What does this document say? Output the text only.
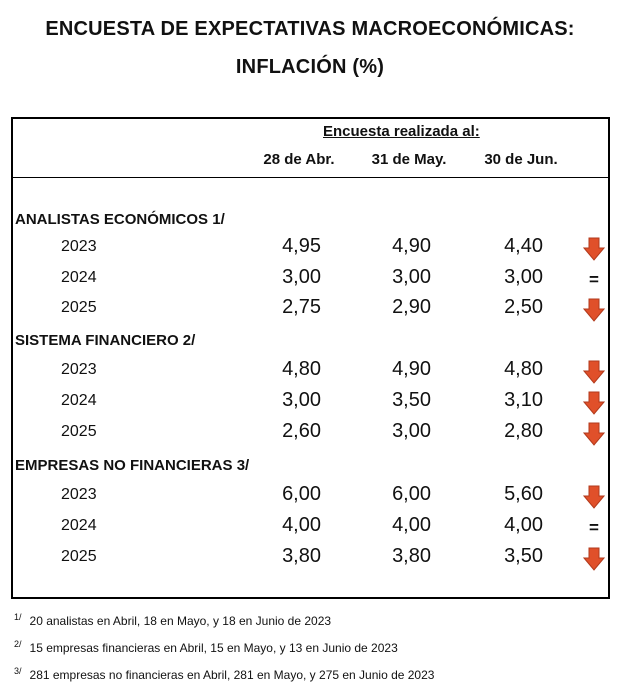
ENCUESTA DE EXPECTATIVAS MACROECONÓMICAS:
INFLACIÓN (%)
Encuesta realizada al:
28 de Abr.	31 de May.	30 de Jun.
ANALISTAS ECONÓMICOS 1/
2023	4,95	4,90	4,40
2024	3,00	3,00	3,00	=
2025	2,75	2,90	2,50
SISTEMA FINANCIERO 2/
2023	4,80	4,90	4,80
2024	3,00	3,50	3,10
2025	2,60	3,00	2,80
EMPRESAS NO FINANCIERAS 3/
2023	6,00	6,00	5,60
2024	4,00	4,00	4,00	=
2025	3,80	3,80	3,50
$^{1/}$ 20 analistas en Abril, 18 en Mayo, y 18 en Junio de 2023
$^{2/}$ 15 empresas financieras en Abril, 15 en Mayo, y 13 en Junio de 2023
$^{3/}$ 281 empresas no financieras en Abril, 281 en Mayo, y 275 en Junio de 2023
